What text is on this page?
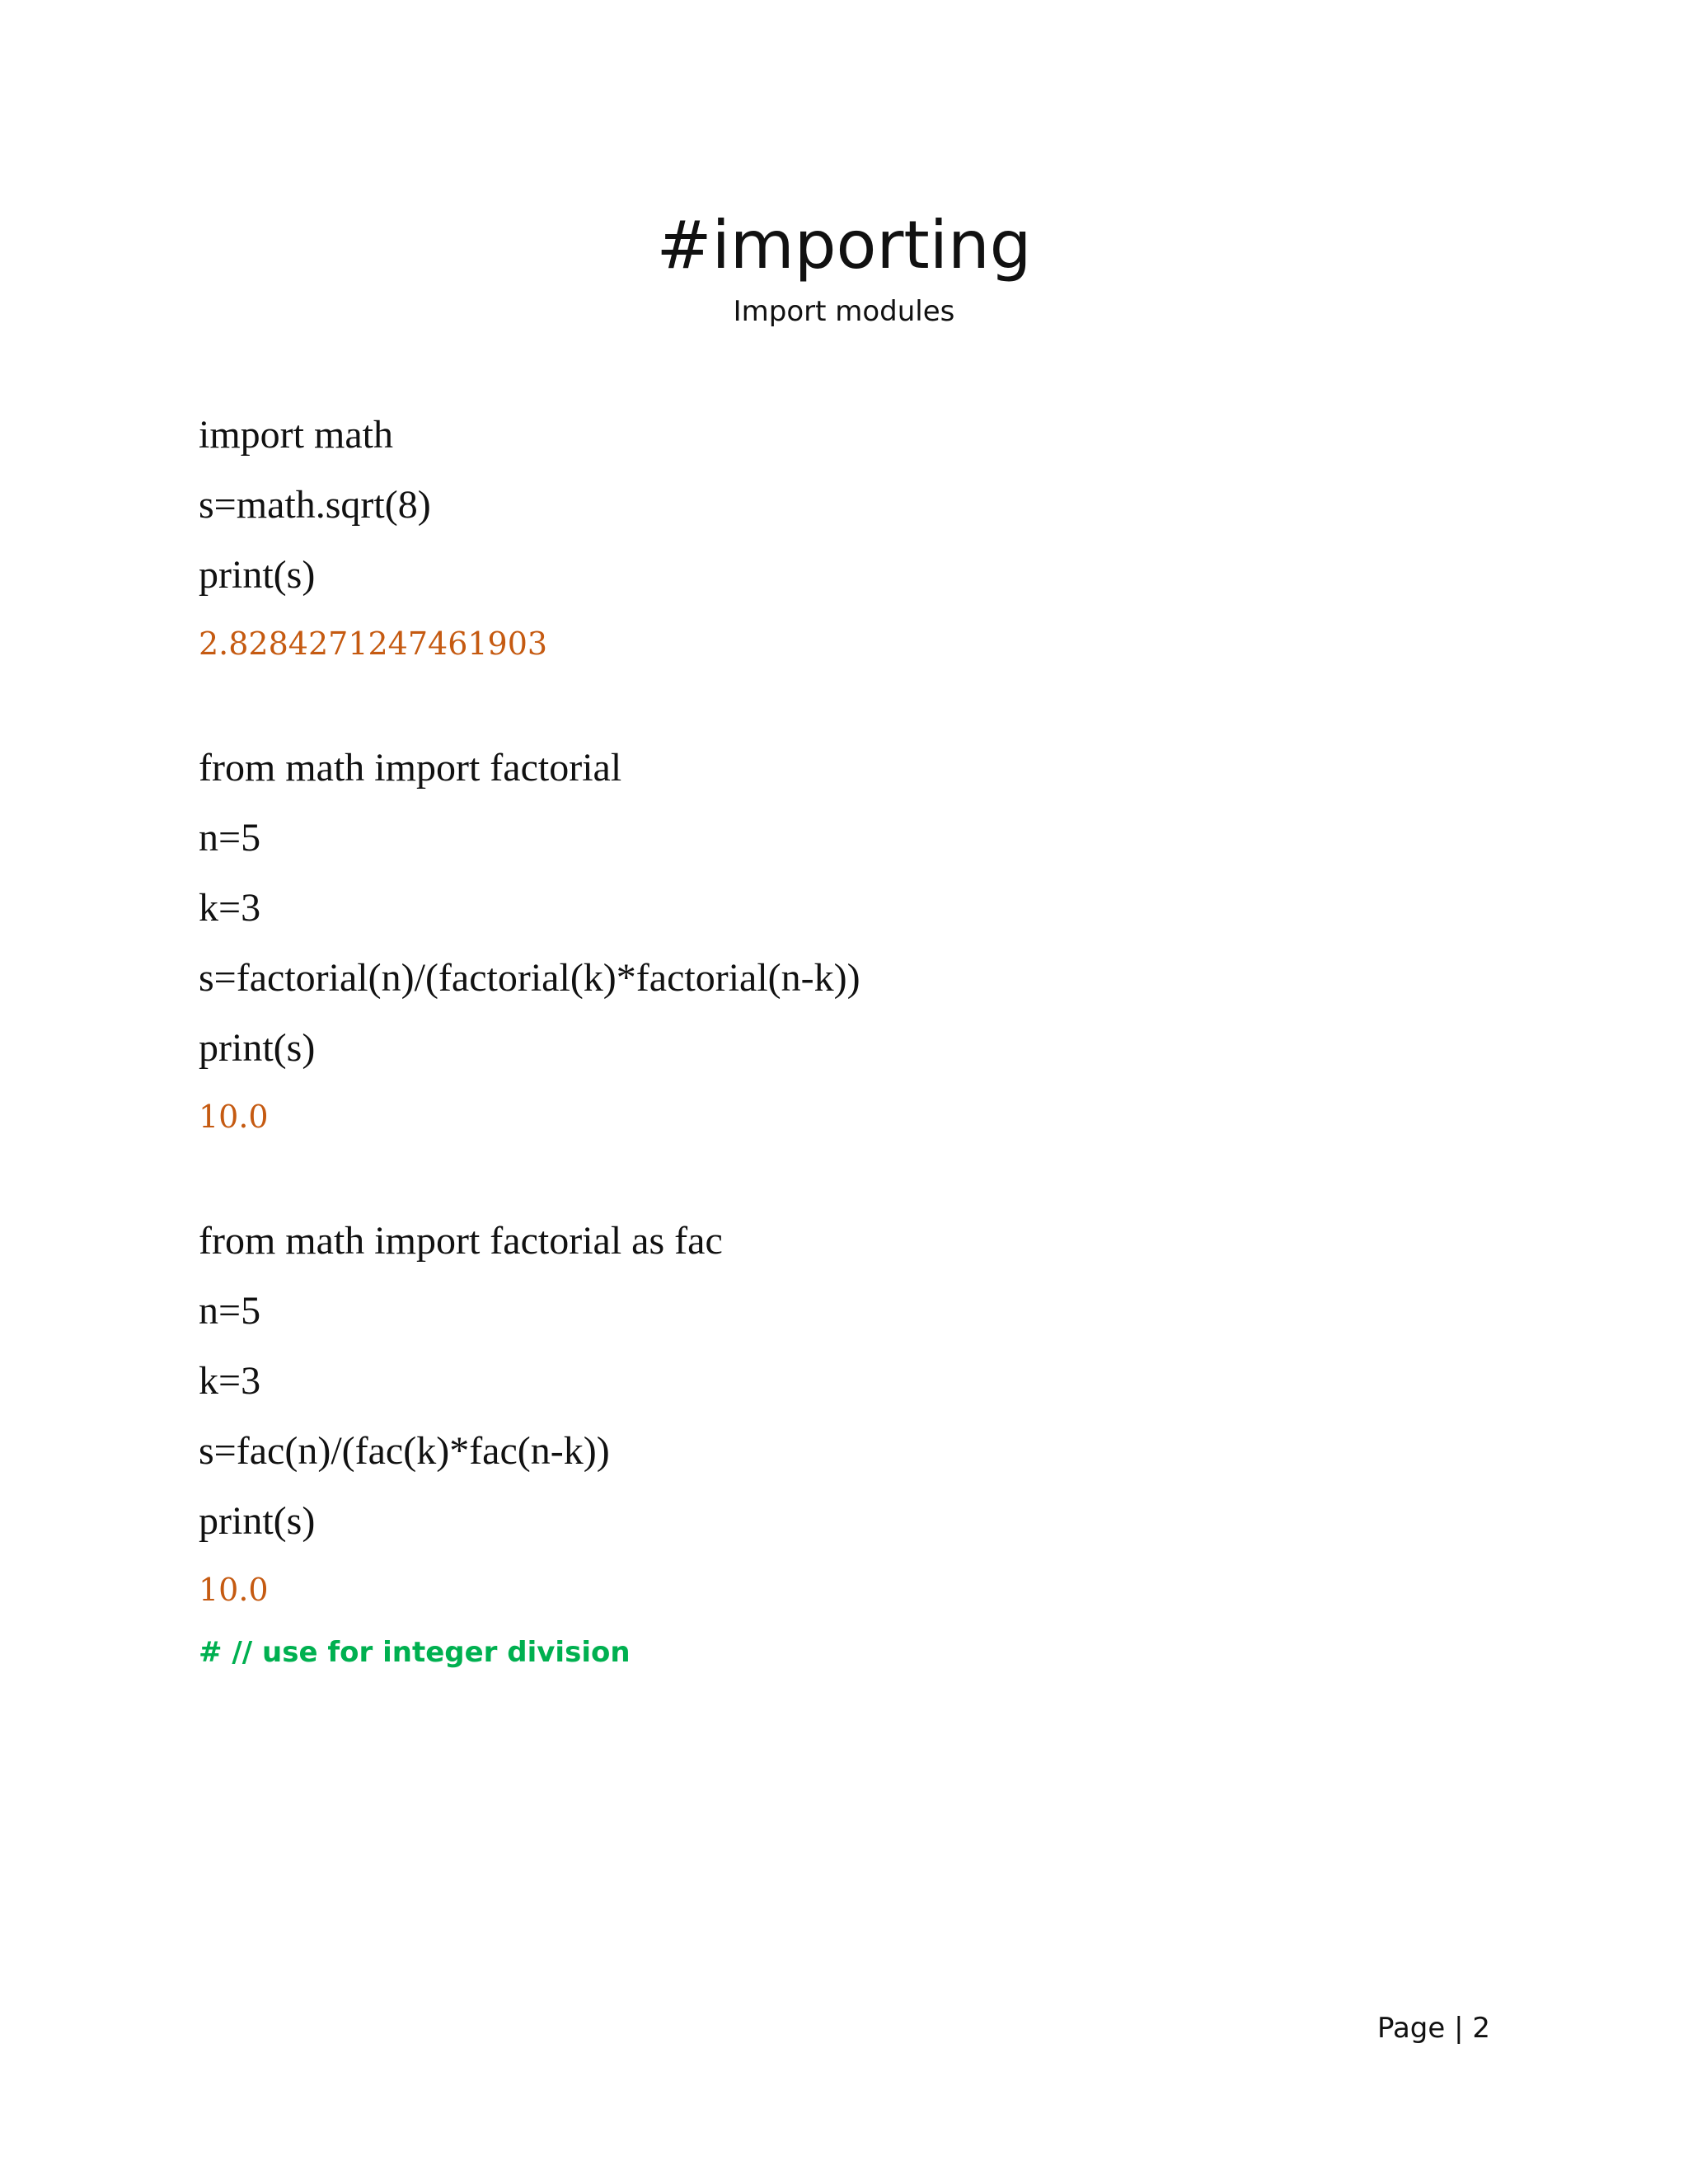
#importing

Import modules

import math

s=math.sqrt(8)

print(s)

2.8284271247461903

from math import factorial

n=5

k=3

s=factorial(n)/(factorial(k)*factorial(n-k))

print(s)

10.0

from math import factorial as fac

n=5

k=3

s=fac(n)/(fac(k)*fac(n-k))

print(s)

10.0

# // use for integer division

Page | 2
